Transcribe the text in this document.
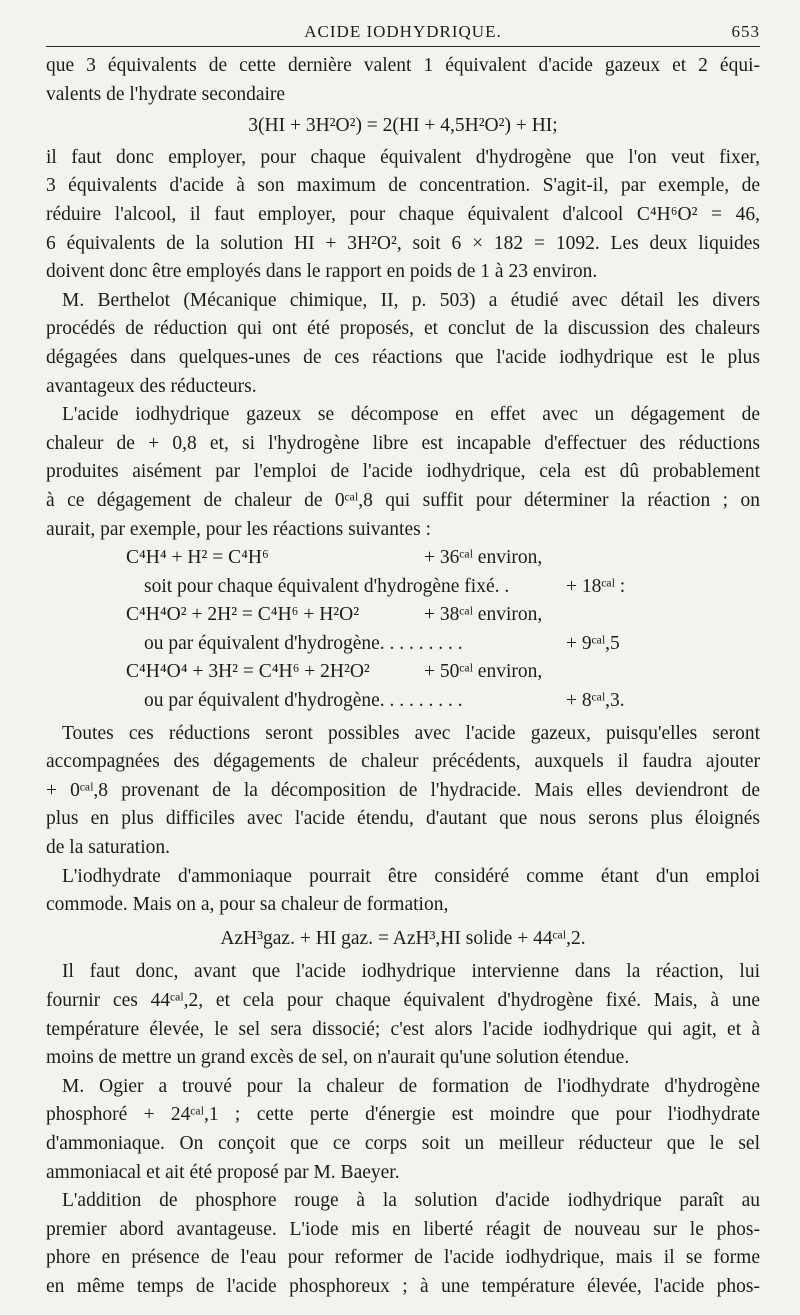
ACIDE IODHYDRIQUE.	653
que 3 équivalents de cette dernière valent 1 équivalent d'acide gazeux et 2 équi-
valents de l'hydrate secondaire
3(HI + 3H²O²) = 2(HI + 4,5H²O²) + HI;
il faut donc employer, pour chaque équivalent d'hydrogène que l'on veut fixer,
3 équivalents d'acide à son maximum de concentration. S'agit-il, par exemple, de
réduire l'alcool, il faut employer, pour chaque équivalent d'alcool C⁴H⁶O² = 46,
6 équivalents de la solution HI + 3H²O², soit 6 × 182 = 1092. Les deux liquides
doivent donc être employés dans le rapport en poids de 1 à 23 environ.
M. Berthelot (Mécanique chimique, II, p. 503) a étudié avec détail les divers
procédés de réduction qui ont été proposés, et conclut de la discussion des chaleurs
dégagées dans quelques-unes de ces réactions que l'acide iodhydrique est le plus
avantageux des réducteurs.
L'acide iodhydrique gazeux se décompose en effet avec un dégagement de
chaleur de + 0,8 et, si l'hydrogène libre est incapable d'effectuer des réductions
produites aisément par l'emploi de l'acide iodhydrique, cela est dû probablement
à ce dégagement de chaleur de 0ᶜᵃˡ,8 qui suffit pour déterminer la réaction ; on
aurait, par exemple, pour les réactions suivantes :
C⁴H⁴ + H² = C⁴H⁶	+ 36ᶜᵃˡ environ,
soit pour chaque équivalent d'hydrogène fixé. .	+ 18ᶜᵃˡ :
C⁴H⁴O² + 2H² = C⁴H⁶ + H²O²	+ 38ᶜᵃˡ environ,
ou par équivalent d'hydrogène. . . . . . . . .	+ 9ᶜᵃˡ,5
C⁴H⁴O⁴ + 3H² = C⁴H⁶ + 2H²O²	+ 50ᶜᵃˡ environ,
ou par équivalent d'hydrogène. . . . . . . . .	+ 8ᶜᵃˡ,3.
Toutes ces réductions seront possibles avec l'acide gazeux, puisqu'elles seront
accompagnées des dégagements de chaleur précédents, auxquels il faudra ajouter
+ 0ᶜᵃˡ,8 provenant de la décomposition de l'hydracide. Mais elles deviendront de
plus en plus difficiles avec l'acide étendu, d'autant que nous serons plus éloignés
de la saturation.
L'iodhydrate d'ammoniaque pourrait être considéré comme étant d'un emploi
commode. Mais on a, pour sa chaleur de formation,
AzH³gaz. + HI gaz. = AzH³,HI solide + 44ᶜᵃˡ,2.
Il faut donc, avant que l'acide iodhydrique intervienne dans la réaction, lui
fournir ces 44ᶜᵃˡ,2, et cela pour chaque équivalent d'hydrogène fixé. Mais, à une
température élevée, le sel sera dissocié; c'est alors l'acide iodhydrique qui agit, et à
moins de mettre un grand excès de sel, on n'aurait qu'une solution étendue.
M. Ogier a trouvé pour la chaleur de formation de l'iodhydrate d'hydrogène
phosphoré + 24ᶜᵃˡ,1 ; cette perte d'énergie est moindre que pour l'iodhydrate
d'ammoniaque. On conçoit que ce corps soit un meilleur réducteur que le sel
ammoniacal et ait été proposé par M. Baeyer.
L'addition de phosphore rouge à la solution d'acide iodhydrique paraît au
premier abord avantageuse. L'iode mis en liberté réagit de nouveau sur le phos-
phore en présence de l'eau pour reformer de l'acide iodhydrique, mais il se forme
en même temps de l'acide phosphoreux ; à une température élevée, l'acide phos-
